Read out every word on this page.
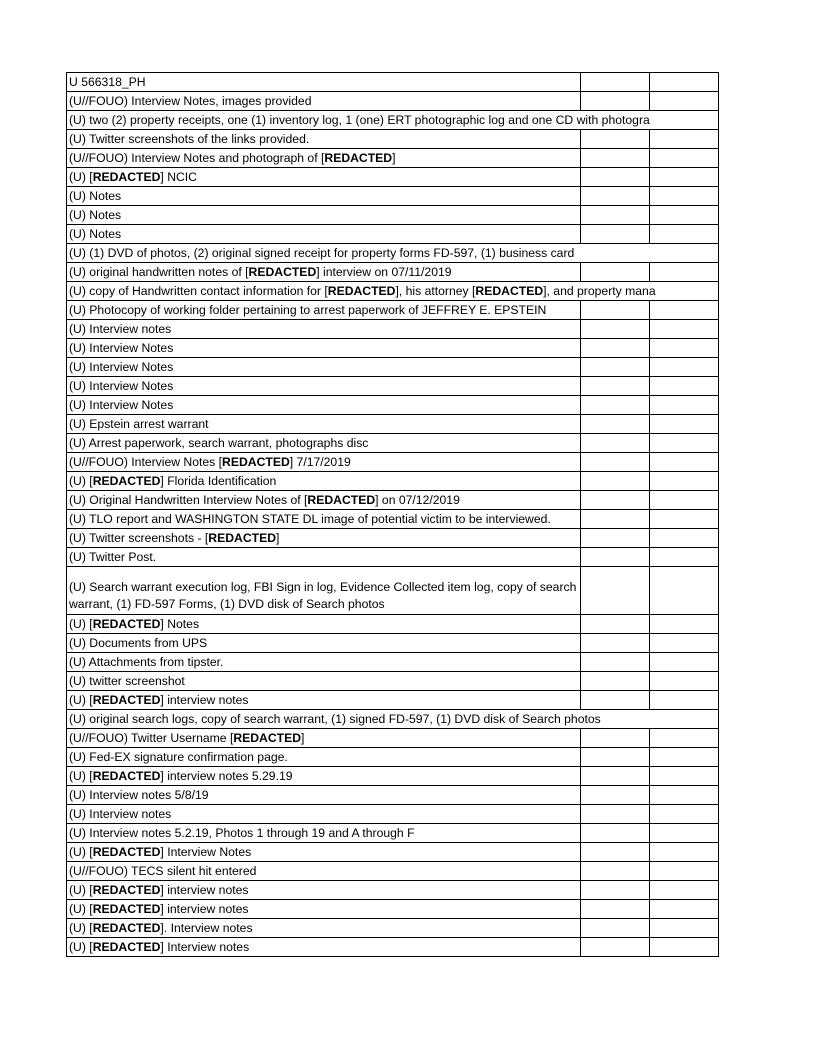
U 566318_PH		
(U//FOUO) Interview Notes, images provided		
(U) two (2) property receipts, one (1) inventory log, 1 (one) ERT photographic log and one CD with photogra		
(U) Twitter screenshots of the links provided.		
(U//FOUO) Interview Notes and photograph of [REDACTED]		
(U) [REDACTED] NCIC		
(U) Notes		
(U) Notes		
(U) Notes		
(U) (1) DVD of photos, (2) original signed receipt for property forms FD-597, (1) business card		
(U) original handwritten notes of [REDACTED] interview on 07/11/2019		
(U) copy of Handwritten contact information for [REDACTED], his attorney [REDACTED], and property mana		
(U) Photocopy of working folder pertaining to arrest paperwork of JEFFREY E. EPSTEIN		
(U) Interview notes		
(U) Interview Notes		
(U) Interview Notes		
(U) Interview Notes		
(U) Interview Notes		
(U) Epstein arrest warrant		
(U) Arrest paperwork, search warrant, photographs disc		
(U//FOUO) Interview Notes [REDACTED] 7/17/2019		
(U) [REDACTED] Florida Identification		
(U) Original Handwritten Interview Notes of [REDACTED] on 07/12/2019		
(U) TLO report and WASHINGTON STATE DL image of potential victim to be interviewed.		
(U) Twitter screenshots - [REDACTED]		
(U) Twitter Post.		
(U) Search warrant execution log, FBI Sign in log, Evidence Collected item log, copy of search warrant, (1) FD-597 Forms, (1) DVD disk of Search photos		
(U) [REDACTED] Notes		
(U) Documents from UPS		
(U) Attachments from tipster.		
(U) twitter screenshot		
(U) [REDACTED] interview notes		
(U) original search logs, copy of search warrant, (1) signed FD-597, (1) DVD disk of Search photos		
(U//FOUO) Twitter Username [REDACTED]		
(U) Fed-EX signature confirmation page.		
(U) [REDACTED] interview notes 5.29.19		
(U) Interview notes 5/8/19		
(U) Interview notes		
(U) Interview notes 5.2.19, Photos 1 through 19 and A through F		
(U) [REDACTED] Interview Notes		
(U//FOUO) TECS silent hit entered		
(U) [REDACTED] interview notes		
(U) [REDACTED] interview notes		
(U) [REDACTED]. Interview notes		
(U) [REDACTED] Interview notes		
